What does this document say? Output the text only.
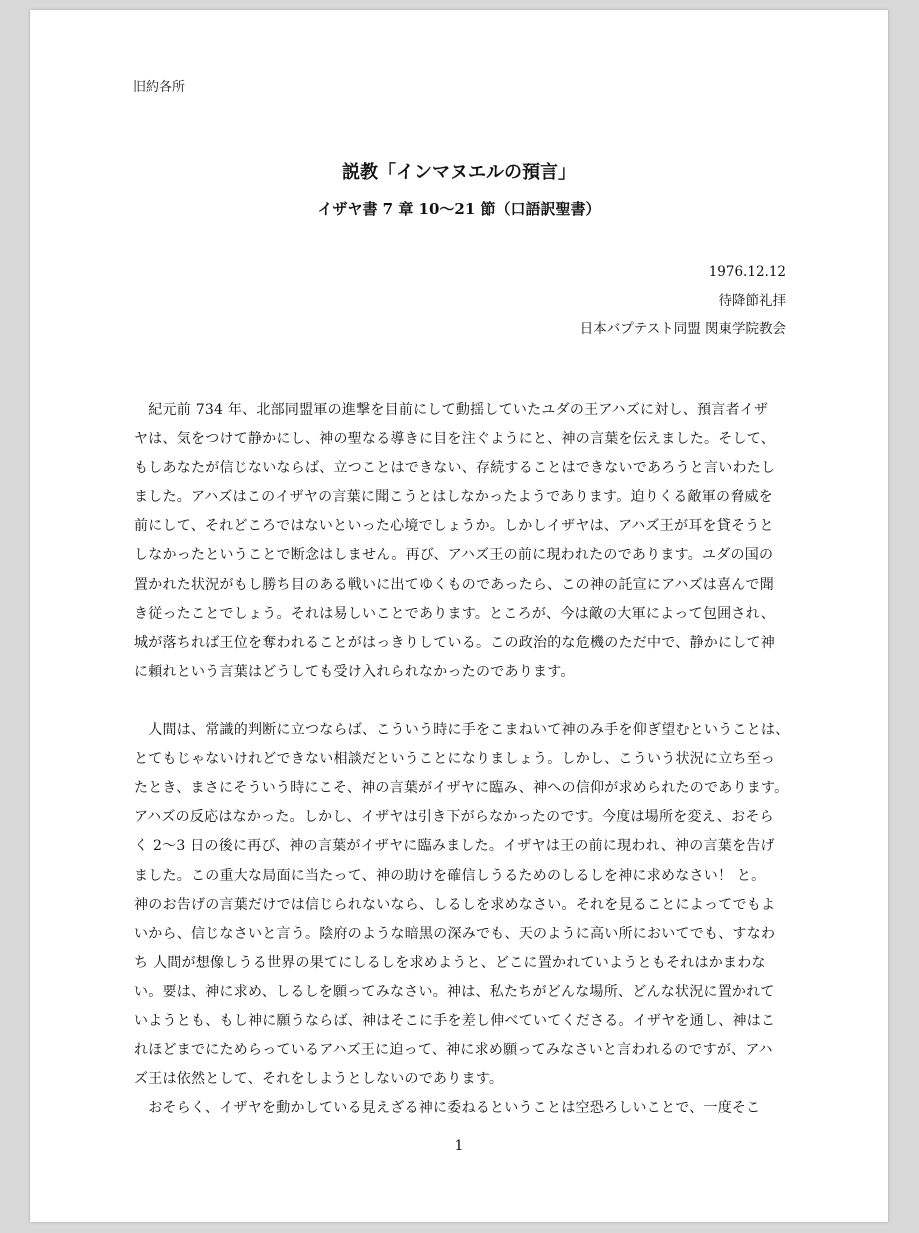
旧約各所
説教「インマヌエルの預言」
イザヤ書 7 章 10〜21 節（口語訳聖書）
1976.12.12
待降節礼拝
日本バプテスト同盟 関東学院教会
　紀元前 734 年、北部同盟軍の進撃を目前にして動揺していたユダの王アハズに対し、預言者イザ
ヤは、気をつけて静かにし、神の聖なる導きに目を注ぐようにと、神の言葉を伝えました。そして、
もしあなたが信じないならば、立つことはできない、存続することはできないであろうと言いわたし
ました。アハズはこのイザヤの言葉に聞こうとはしなかったようであります。迫りくる敵軍の脅威を
前にして、それどころではないといった心境でしょうか。しかしイザヤは、アハズ王が耳を貸そうと
しなかったということで断念はしません。再び、アハズ王の前に現われたのであります。ユダの国の
置かれた状況がもし勝ち目のある戦いに出てゆくものであったら、この神の託宣にアハズは喜んで聞
き従ったことでしょう。それは易しいことであります。ところが、今は敵の大軍によって包囲され、
城が落ちれば王位を奪われることがはっきりしている。この政治的な危機のただ中で、静かにして神
に頼れという言葉はどうしても受け入れられなかったのであります。
　人間は、常識的判断に立つならば、こういう時に手をこまねいて神のみ手を仰ぎ望むということは、
とてもじゃないけれどできない相談だということになりましょう。しかし、こういう状況に立ち至っ
たとき、まさにそういう時にこそ、神の言葉がイザヤに臨み、神への信仰が求められたのであります。
アハズの反応はなかった。しかし、イザヤは引き下がらなかったのです。今度は場所を変え、おそら
く 2〜3 日の後に再び、神の言葉がイザヤに臨みました。イザヤは王の前に現われ、神の言葉を告げ
ました。この重大な局面に当たって、神の助けを確信しうるためのしるしを神に求めなさい！ と。
神のお告げの言葉だけでは信じられないなら、しるしを求めなさい。それを見ることによってでもよ
いから、信じなさいと言う。陰府のような暗黒の深みでも、天のように高い所においてでも、すなわ
ち 人間が想像しうる世界の果てにしるしを求めようと、どこに置かれていようともそれはかまわな
い。要は、神に求め、しるしを願ってみなさい。神は、私たちがどんな場所、どんな状況に置かれて
いようとも、もし神に願うならば、神はそこに手を差し伸べていてくださる。イザヤを通し、神はこ
れほどまでにためらっているアハズ王に迫って、神に求め願ってみなさいと言われるのですが、アハ
ズ王は依然として、それをしようとしないのであります。
　おそらく、イザヤを動かしている見えざる神に委ねるということは空恐ろしいことで、一度そこ
1
